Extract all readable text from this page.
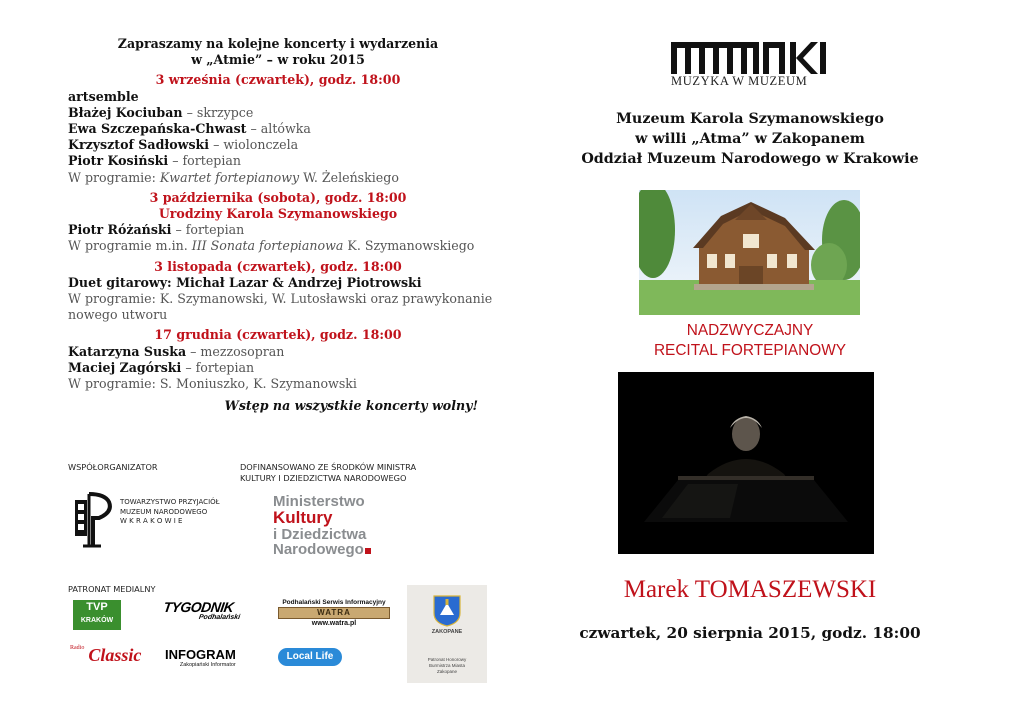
Zapraszamy na kolejne koncerty i wydarzenia
w „Atmie” – w roku 2015
3 września (czwartek), godz. 18:00
artsemble
Błażej Kociuban – skrzypce
Ewa Szczepańska-Chwast – altówka
Krzysztof Sadłowski – wiolonczela
Piotr Kosiński – fortepian
W programie: Kwartet fortepianowy W. Żeleńskiego
3 października (sobota), godz. 18:00
Urodziny Karola Szymanowskiego
Piotr Różański – fortepian
W programie m.in. III Sonata fortepianowa K. Szymanowskiego
3 listopada (czwartek), godz. 18:00
Duet gitarowy: Michał Lazar & Andrzej Piotrowski
W programie: K. Szymanowski, W. Lutosławski oraz prawykonanie
nowego utworu
17 grudnia (czwartek), godz. 18:00
Katarzyna Suska – mezzosopran
Maciej Zagórski – fortepian
W programie: S. Moniuszko, K. Szymanowski
Wstęp na wszystkie koncerty wolny!
WSPÓŁORGANIZATOR	DOFINANSOWANO ZE ŚRODKÓW MINISTRA
KULTURY I DZIEDZICTWA NARODOWEGO
TOWARZYSTWO PRZYJACIÓŁ
MUZEUM NARODOWEGO
W K R A K O W I E
Ministerstwo
Kultury
i Dziedzictwa
Narodowego
PATRONAT MEDIALNY
TVP
KRAKÓW
TYGODNIK
Podhalański
Podhalański Serwis Informacyjny
WATRA
www.watra.pl
$^{Radio}$ Classic INFOGRAM
Zakopiański Informator
Local Life
ZAKOPANE
Patronat Honorowy Burmistrza Miasta Zakopane
MUZYKA W MUZEUM
Muzeum Karola Szymanowskiego
w willi „Atma” w Zakopanem
Oddział Muzeum Narodowego w Krakowie
NADZWYCZAJNY
RECITAL FORTEPIANOWY
Marek TOMASZEWSKI
czwartek, 20 sierpnia 2015, godz. 18:00
